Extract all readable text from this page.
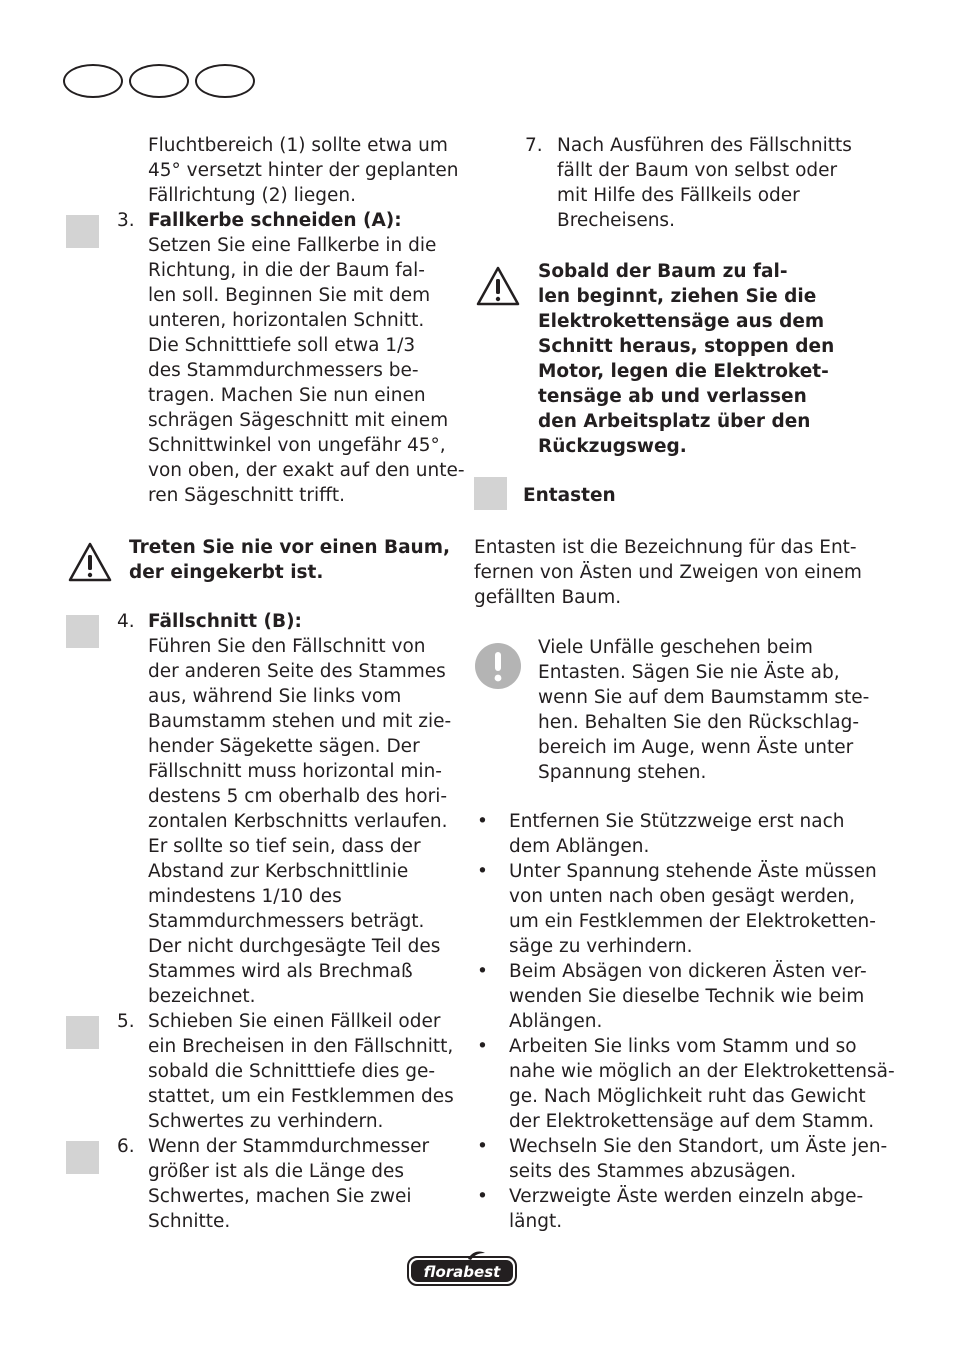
Fluchtbereich (1) sollte etwa um
45° versetzt hinter der geplanten
Fällrichtung (2) liegen.
3. Fallkerbe schneiden (A):
Setzen Sie eine Fallkerbe in die
Richtung, in die der Baum fal-
len soll. Beginnen Sie mit dem
unteren, horizontalen Schnitt.
Die Schnitttiefe soll etwa 1/3
des Stammdurchmessers be-
tragen. Machen Sie nun einen
schrägen Sägeschnitt mit einem
Schnittwinkel von ungefähr 45°,
von oben, der exakt auf den unte-
ren Sägeschnitt trifft.
Treten Sie nie vor einen Baum,
der eingekerbt ist.
4. Fällschnitt (B):
Führen Sie den Fällschnitt von
der anderen Seite des Stammes
aus, während Sie links vom
Baumstamm stehen und mit zie-
hender Sägekette sägen. Der
Fällschnitt muss horizontal min-
destens 5 cm oberhalb des hori-
zontalen Kerbschnitts verlaufen.
Er sollte so tief sein, dass der
Abstand zur Kerbschnittlinie
mindestens 1/10 des
Stammdurchmessers beträgt.
Der nicht durchgesägte Teil des
Stammes wird als Brechmaß
bezeichnet.
5. Schieben Sie einen Fällkeil oder
ein Brecheisen in den Fällschnitt,
sobald die Schnitttiefe dies ge-
stattet, um ein Festklemmen des
Schwertes zu verhindern.
6. Wenn der Stammdurchmesser
größer ist als die Länge des
Schwertes, machen Sie zwei
Schnitte.
7. Nach Ausführen des Fällschnitts
fällt der Baum von selbst oder
mit Hilfe des Fällkeils oder
Brecheisens.
Sobald der Baum zu fal-
len beginnt, ziehen Sie die
Elektrokettensäge aus dem
Schnitt heraus, stoppen den
Motor, legen die Elektroket-
tensäge ab und verlassen
den Arbeitsplatz über den
Rückzugsweg.
Entasten
Entasten ist die Bezeichnung für das Ent-
fernen von Ästen und Zweigen von einem
gefällten Baum.
Viele Unfälle geschehen beim
Entasten. Sägen Sie nie Äste ab,
wenn Sie auf dem Baumstamm ste-
hen. Behalten Sie den Rückschlag-
bereich im Auge, wenn Äste unter
Spannung stehen.
• Entfernen Sie Stützzweige erst nach
dem Ablängen.
• Unter Spannung stehende Äste müssen
von unten nach oben gesägt werden,
um ein Festklemmen der Elektroketten-
säge zu verhindern.
• Beim Absägen von dickeren Ästen ver-
wenden Sie dieselbe Technik wie beim
Ablängen.
• Arbeiten Sie links vom Stamm und so
nahe wie möglich an der Elektrokettensä-
ge. Nach Möglichkeit ruht das Gewicht
der Elektrokettensäge auf dem Stamm.
• Wechseln Sie den Standort, um Äste jen-
seits des Stammes abzusägen.
• Verzweigte Äste werden einzeln abge-
längt.
florabest
